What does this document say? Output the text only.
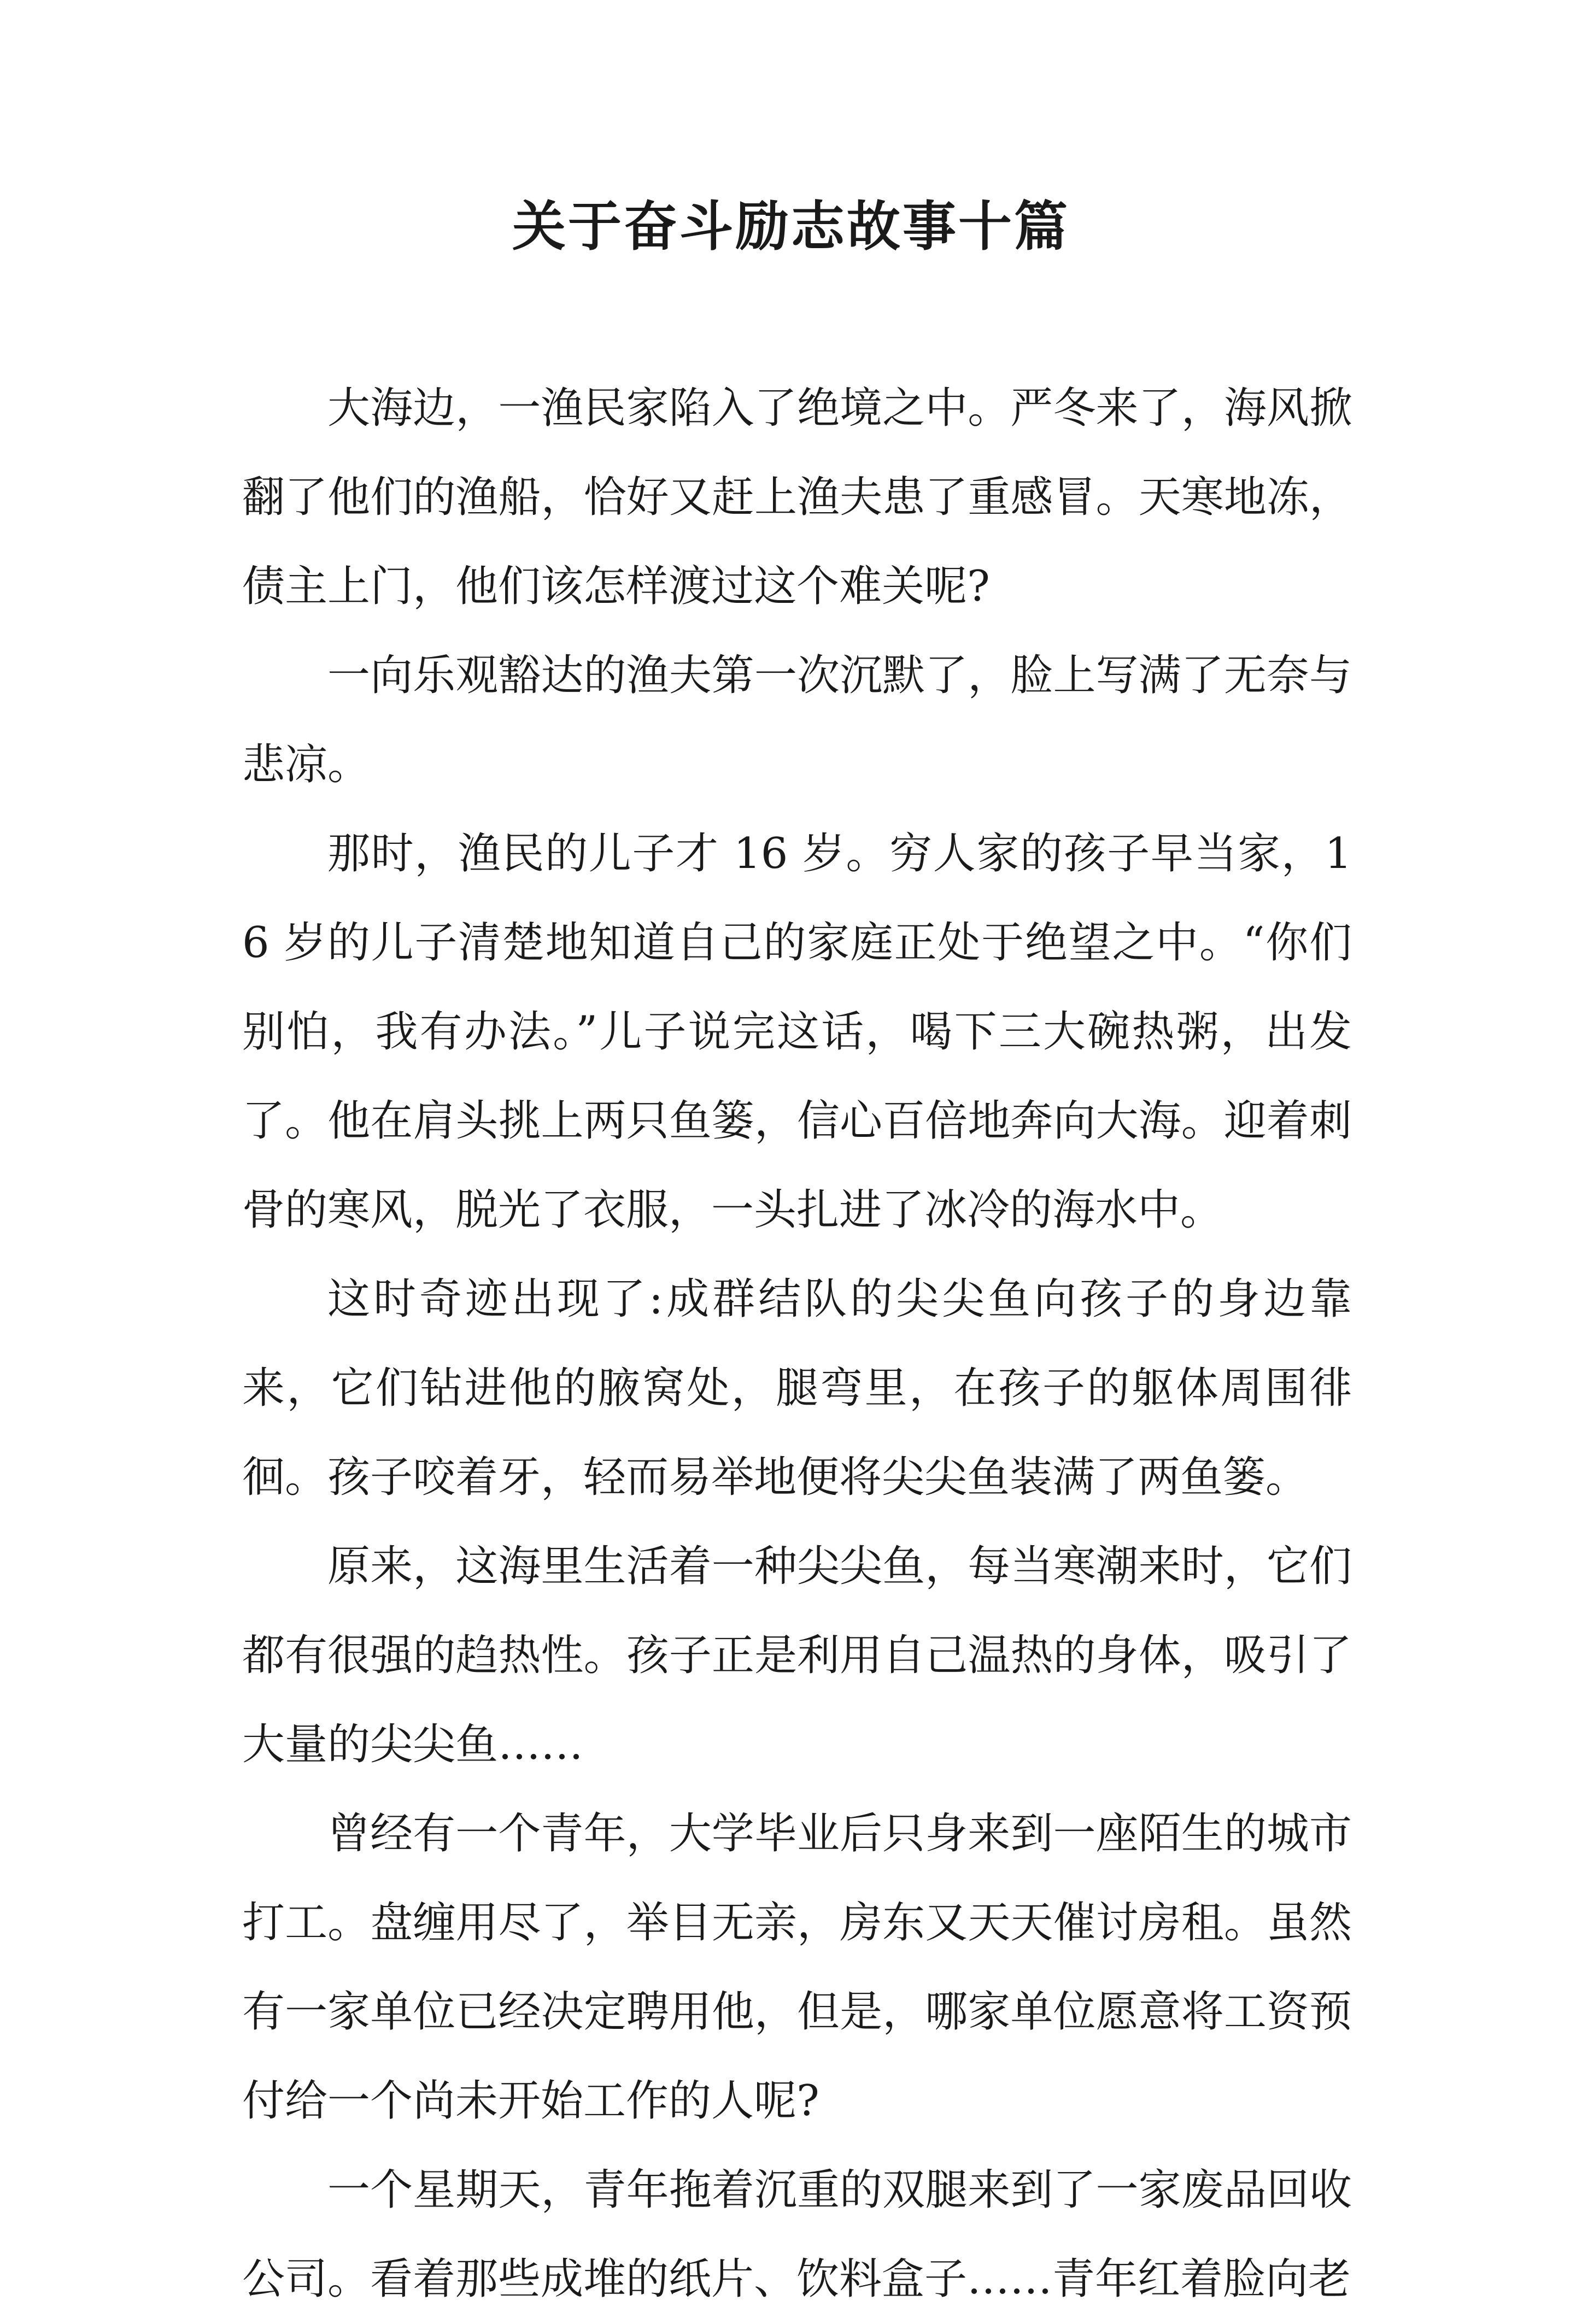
关于奋斗励志故事十篇

大海边，一渔民家陷入了绝境之中。严冬来了，海风掀翻了他们的渔船，恰好又赶上渔夫患了重感冒。天寒地冻，债主上门，他们该怎样渡过这个难关呢?

一向乐观豁达的渔夫第一次沉默了，脸上写满了无奈与悲凉。

那时，渔民的儿子才 16 岁。穷人家的孩子早当家，16 岁的儿子清楚地知道自己的家庭正处于绝望之中。“你们别怕，我有办法。”儿子说完这话，喝下三大碗热粥，出发了。他在肩头挑上两只鱼篓，信心百倍地奔向大海。迎着刺骨的寒风，脱光了衣服，一头扎进了冰冷的海水中。

这时奇迹出现了:成群结队的尖尖鱼向孩子的身边靠来，它们钻进他的腋窝处，腿弯里，在孩子的躯体周围徘徊。孩子咬着牙，轻而易举地便将尖尖鱼装满了两鱼篓。

原来，这海里生活着一种尖尖鱼，每当寒潮来时，它们都有很强的趋热性。孩子正是利用自己温热的身体，吸引了大量的尖尖鱼……

曾经有一个青年，大学毕业后只身来到一座陌生的城市打工。盘缠用尽了，举目无亲，房东又天天催讨房租。虽然有一家单位已经决定聘用他，但是，哪家单位愿意将工资预付给一个尚未开始工作的人呢?

一个星期天，青年拖着沉重的双腿来到了一家废品回收公司。看着那些成堆的纸片、饮料盒子……青年红着脸向老
